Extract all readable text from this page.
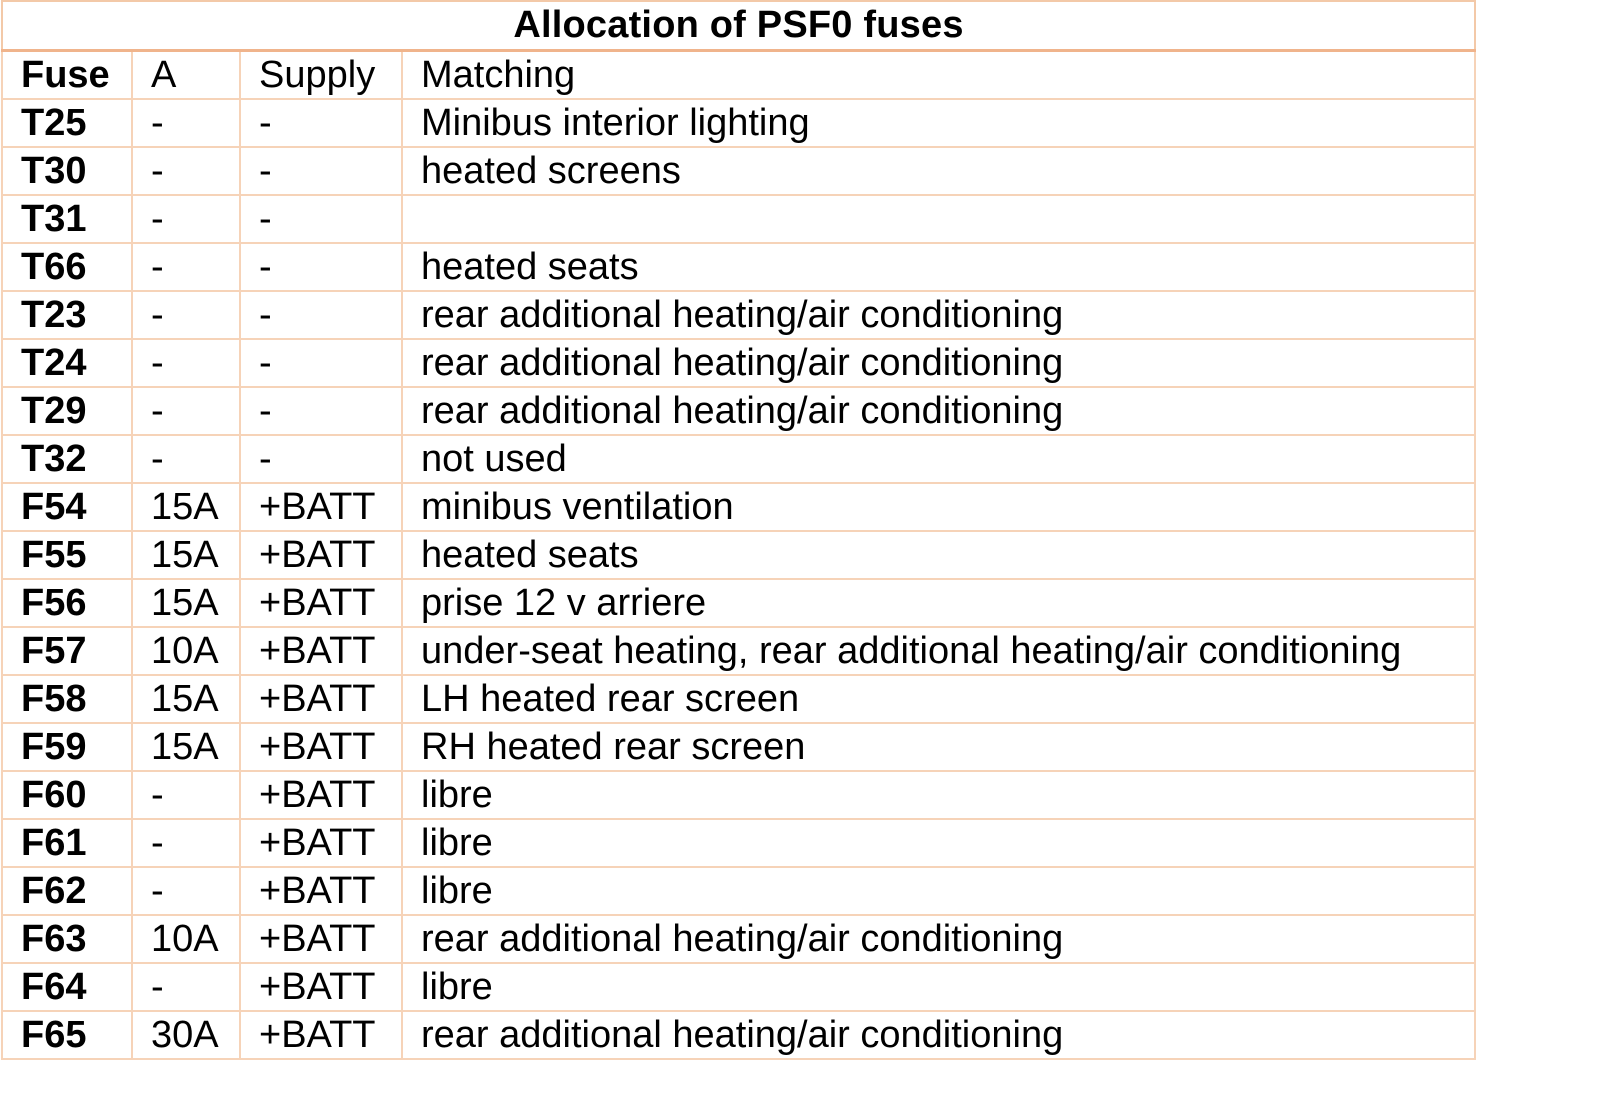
Allocation of PSF0 fuses			
Fuse	A	Supply	Matching
T25	-	-	Minibus interior lighting
T30	-	-	heated screens
T31	-	-	
T66	-	-	heated seats
T23	-	-	rear additional heating/air conditioning
T24	-	-	rear additional heating/air conditioning
T29	-	-	rear additional heating/air conditioning
T32	-	-	not used
F54	15A	+BATT	minibus ventilation
F55	15A	+BATT	heated seats
F56	15A	+BATT	prise 12 v arriere
F57	10A	+BATT	under-seat heating, rear additional heating/air conditioning
F58	15A	+BATT	LH heated rear screen
F59	15A	+BATT	RH heated rear screen
F60	-	+BATT	libre
F61	-	+BATT	libre
F62	-	+BATT	libre
F63	10A	+BATT	rear additional heating/air conditioning
F64	-	+BATT	libre
F65	30A	+BATT	rear additional heating/air conditioning
